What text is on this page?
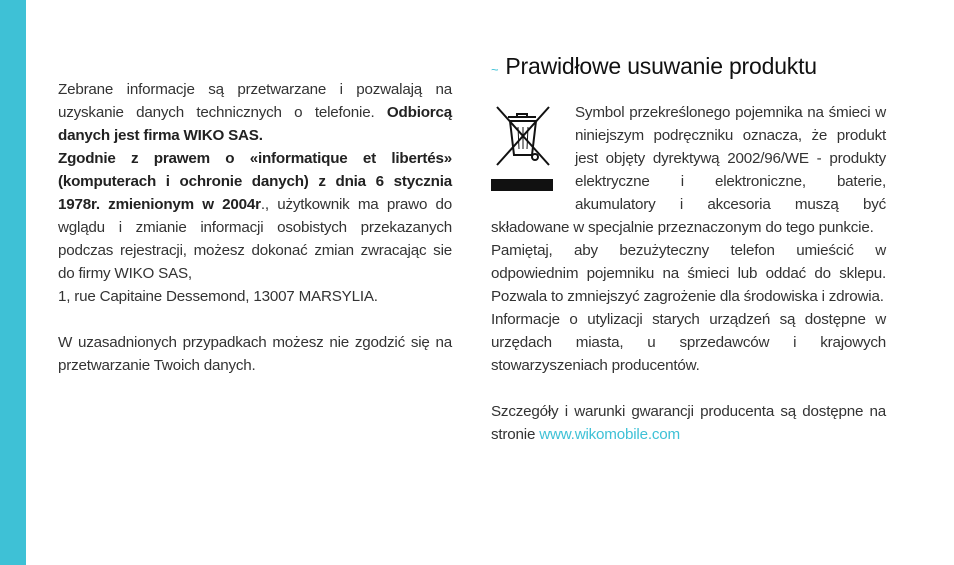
Zebrane informacje są przetwarzane i pozwalają na uzyskanie danych technicznych o telefonie. Odbiorcą danych jest firma WIKO SAS.

Zgodnie z prawem o «informatique et libertés» (komputerach i ochronie danych) z dnia 6 stycznia 1978r. zmienionym w 2004r., użytkownik ma prawo do wglądu i zmianie informacji osobistych przekazanych podczas rejestracji, możesz dokonać zmian zwracając sie do firmy WIKO SAS,

1, rue Capitaine Dessemond, 13007 MARSYLIA.

W uzasadnionych przypadkach możesz nie zgodzić się na przetwarzanie Twoich danych.

~ Prawidłowe usuwanie produktu

Symbol przekreślonego pojemnika na śmieci w niniejszym podręczniku oznacza, że produkt jest objęty dyrektywą 2002/96/WE - produkty elektryczne i elektroniczne, baterie, akumulatory i akcesoria muszą być składowane w specjalnie przeznaczonym do tego punkcie.

Pamiętaj, aby bezużyteczny telefon umieścić w odpowiednim pojemniku na śmieci lub oddać do sklepu. Pozwala to zmniejszyć zagrożenie dla środowiska i zdrowia.

Informacje o utylizacji starych urządzeń są dostępne w urzędach miasta, u sprzedawców i krajowych stowarzyszeniach producentów.

Szczegóły i warunki gwarancji producenta są dostępne na stronie www.wikomobile.com
